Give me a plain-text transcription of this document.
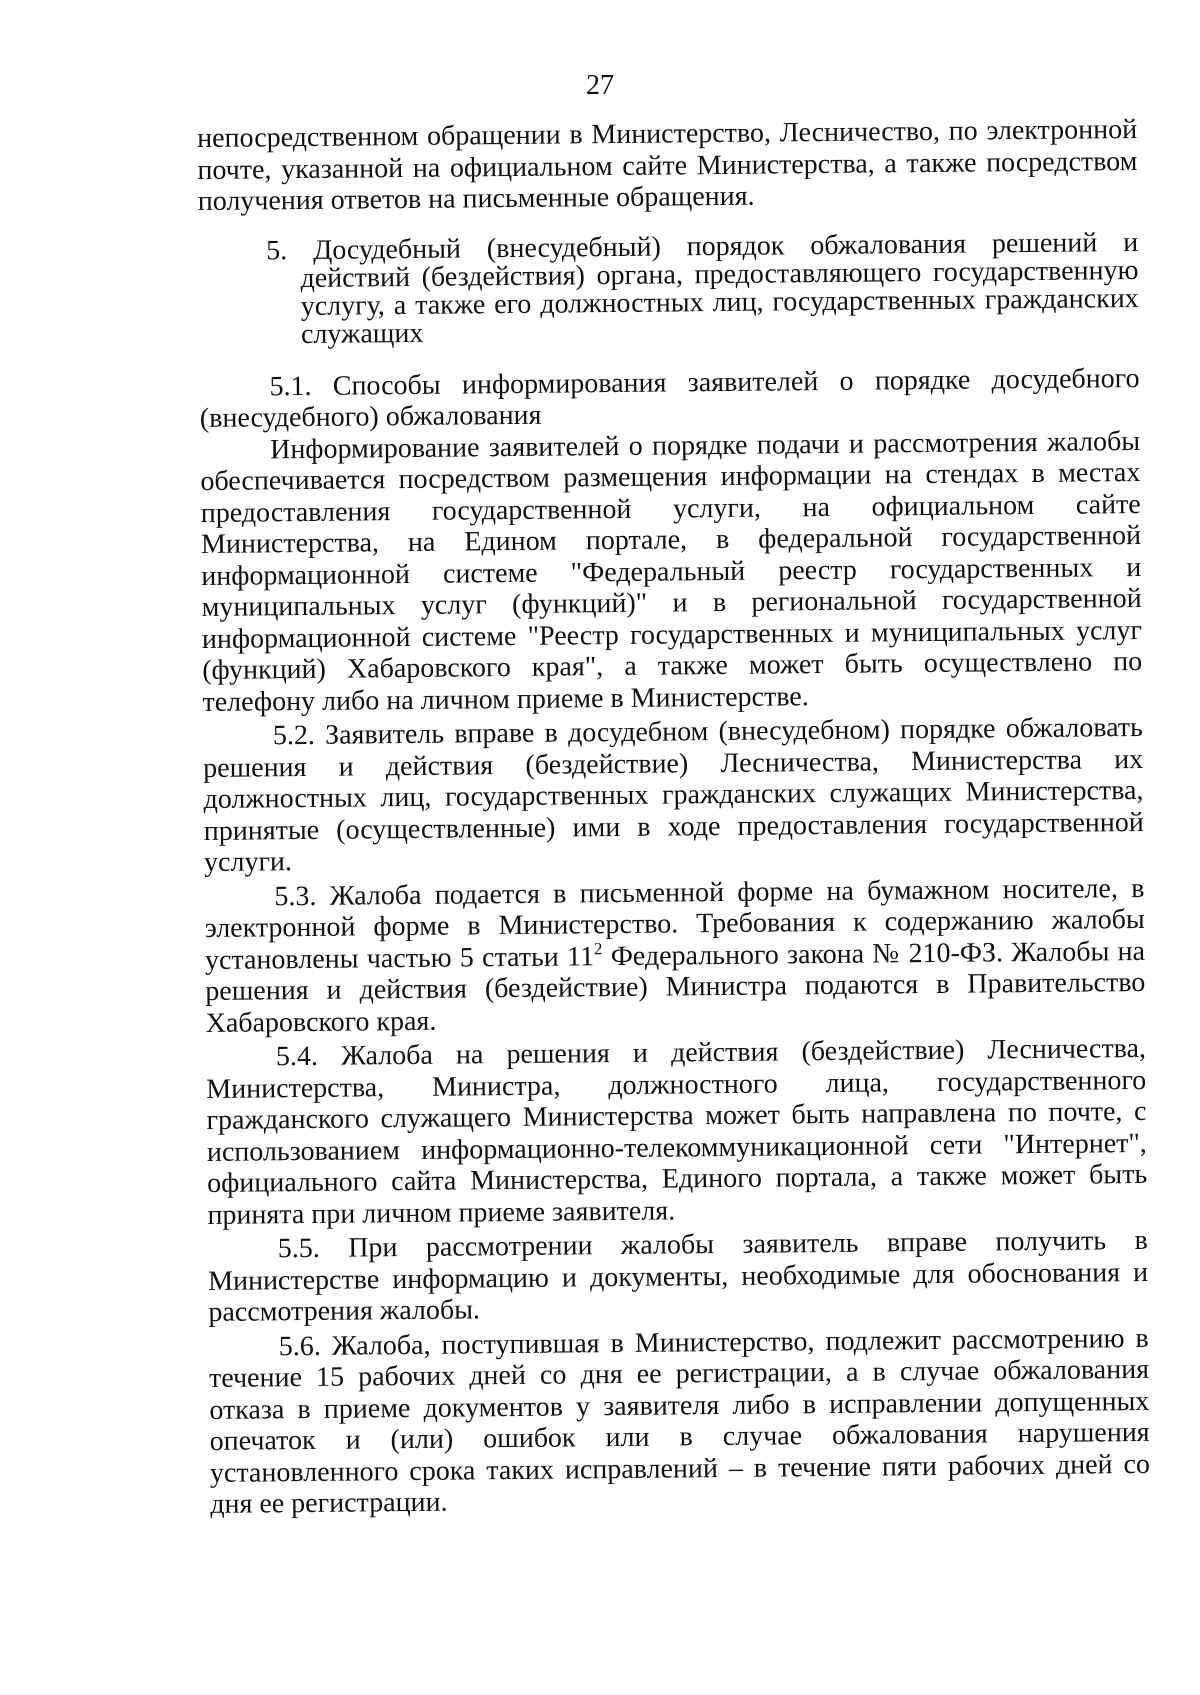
27

непосредственном обращении в Министерство, Лесничество, по электронной почте, указанной на официальном сайте Министерства, а также посредством получения ответов на письменные обращения.

5. Досудебный (внесудебный) порядок обжалования решений и действий (бездействия) органа, предоставляющего государственную услугу, а также его должностных лиц, государственных гражданских служащих

5.1. Способы информирования заявителей о порядке досудебного (внесудебного) обжалования

Информирование заявителей о порядке подачи и рассмотрения жалобы обеспечивается посредством размещения информации на стендах в местах предоставления государственной услуги, на официальном сайте Министерства, на Едином портале, в федеральной государственной информационной системе "Федеральный реестр государственных и муниципальных услуг (функций)" и в региональной государственной информационной системе "Реестр государственных и муниципальных услуг (функций) Хабаровского края", а также может быть осуществлено по телефону либо на личном приеме в Министерстве.

5.2. Заявитель вправе в досудебном (внесудебном) порядке обжаловать решения и действия (бездействие) Лесничества, Министерства их должностных лиц, государственных гражданских служащих Министерства, принятые (осуществленные) ими в ходе предоставления государственной услуги.

5.3. Жалоба подается в письменной форме на бумажном носителе, в электронной форме в Министерство. Требования к содержанию жалобы установлены частью 5 статьи $11^2$ Федерального закона № 210-ФЗ. Жалобы на решения и действия (бездействие) Министра подаются в Правительство Хабаровского края.

5.4. Жалоба на решения и действия (бездействие) Лесничества, Министерства, Министра, должностного лица, государственного гражданского служащего Министерства может быть направлена по почте, с использованием информационно-телекоммуникационной сети "Интернет", официального сайта Министерства, Единого портала, а также может быть принята при личном приеме заявителя.

5.5. При рассмотрении жалобы заявитель вправе получить в Министерстве информацию и документы, необходимые для обоснования и рассмотрения жалобы.

5.6. Жалоба, поступившая в Министерство, подлежит рассмотрению в течение 15 рабочих дней со дня ее регистрации, а в случае обжалования отказа в приеме документов у заявителя либо в исправлении допущенных опечаток и (или) ошибок или в случае обжалования нарушения установленного срока таких исправлений – в течение пяти рабочих дней со дня ее регистрации.
